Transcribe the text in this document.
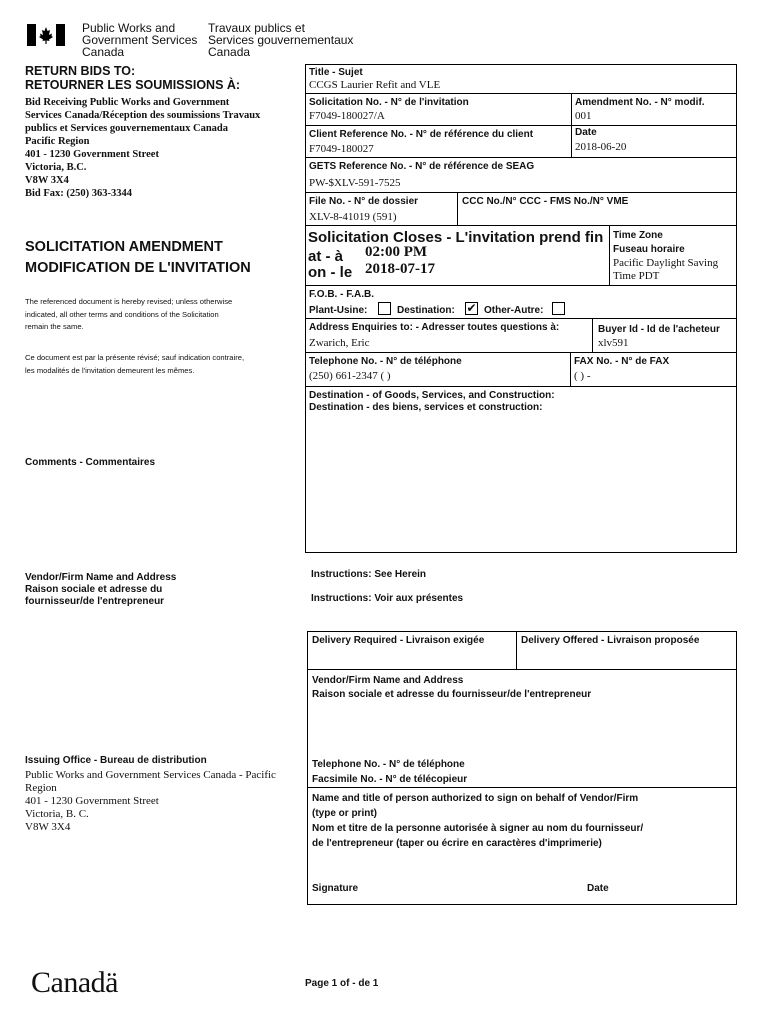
Public Works and
Government Services
Canada
Travaux publics et
Services gouvernementaux
Canada
RETURN BIDS TO:
RETOURNER LES SOUMISSIONS À:
Bid Receiving Public Works and Government
Services Canada/Réception des soumissions Travaux
publics et Services gouvernementaux Canada
Pacific Region
401 - 1230 Government Street
Victoria, B.C.
V8W 3X4
Bid Fax: (250) 363-3344
SOLICITATION AMENDMENT
MODIFICATION DE L'INVITATION
The referenced document is hereby revised; unless otherwise
indicated, all other terms and conditions of the Solicitation
remain the same.
Ce document est par la présente révisé; sauf indication contraire,
les modalités de l'invitation demeurent les mêmes.
Comments - Commentaires
Vendor/Firm Name and Address
Raison sociale et adresse du
fournisseur/de l'entrepreneur
Issuing Office - Bureau de distribution
Public Works and Government Services Canada - Pacific
Region
401 - 1230 Government Street
Victoria, B. C.
V8W 3X4
Title - Sujet
CCGS Laurier Refit and VLE
Solicitation No. - N° de l'invitation
F7049-180027/A
Amendment No. - N° modif.
001
Client Reference No. - N° de référence du client
F7049-180027
Date
2018-06-20
GETS Reference No. - N° de référence de SEAG
PW-$XLV-591-7525
File No. - N° de dossier
XLV-8-41019 (591)
CCC No./N° CCC - FMS No./N° VME
Solicitation Closes - L'invitation prend fin
at - à 02:00 PM
on - le 2018-07-17
Time Zone
Fuseau horaire
Pacific Daylight Saving
Time PDT
F.O.B. - F.A.B.
Plant-Usine:	Destination: ✔ Other-Autre:
Address Enquiries to: - Adresser toutes questions à:
Zwarich, Eric
Buyer Id - Id de l'acheteur
xlv591
Telephone No. - N° de téléphone
(250) 661-2347 ( )
FAX No. - N° de FAX
( ) -
Destination - of Goods, Services, and Construction:
Destination - des biens, services et construction:
Instructions: See Herein
Instructions: Voir aux présentes
Delivery Required - Livraison exigée	Delivery Offered - Livraison proposée
Vendor/Firm Name and Address
Raison sociale et adresse du fournisseur/de l'entrepreneur
Telephone No. - N° de téléphone
Facsimile No. - N° de télécopieur
Name and title of person authorized to sign on behalf of Vendor/Firm
(type or print)
Nom et titre de la personne autorisée à signer au nom du fournisseur/
de l'entrepreneur (taper ou écrire en caractères d'imprimerie)
Signature	Date
Canadä	Page 1 of - de 1
